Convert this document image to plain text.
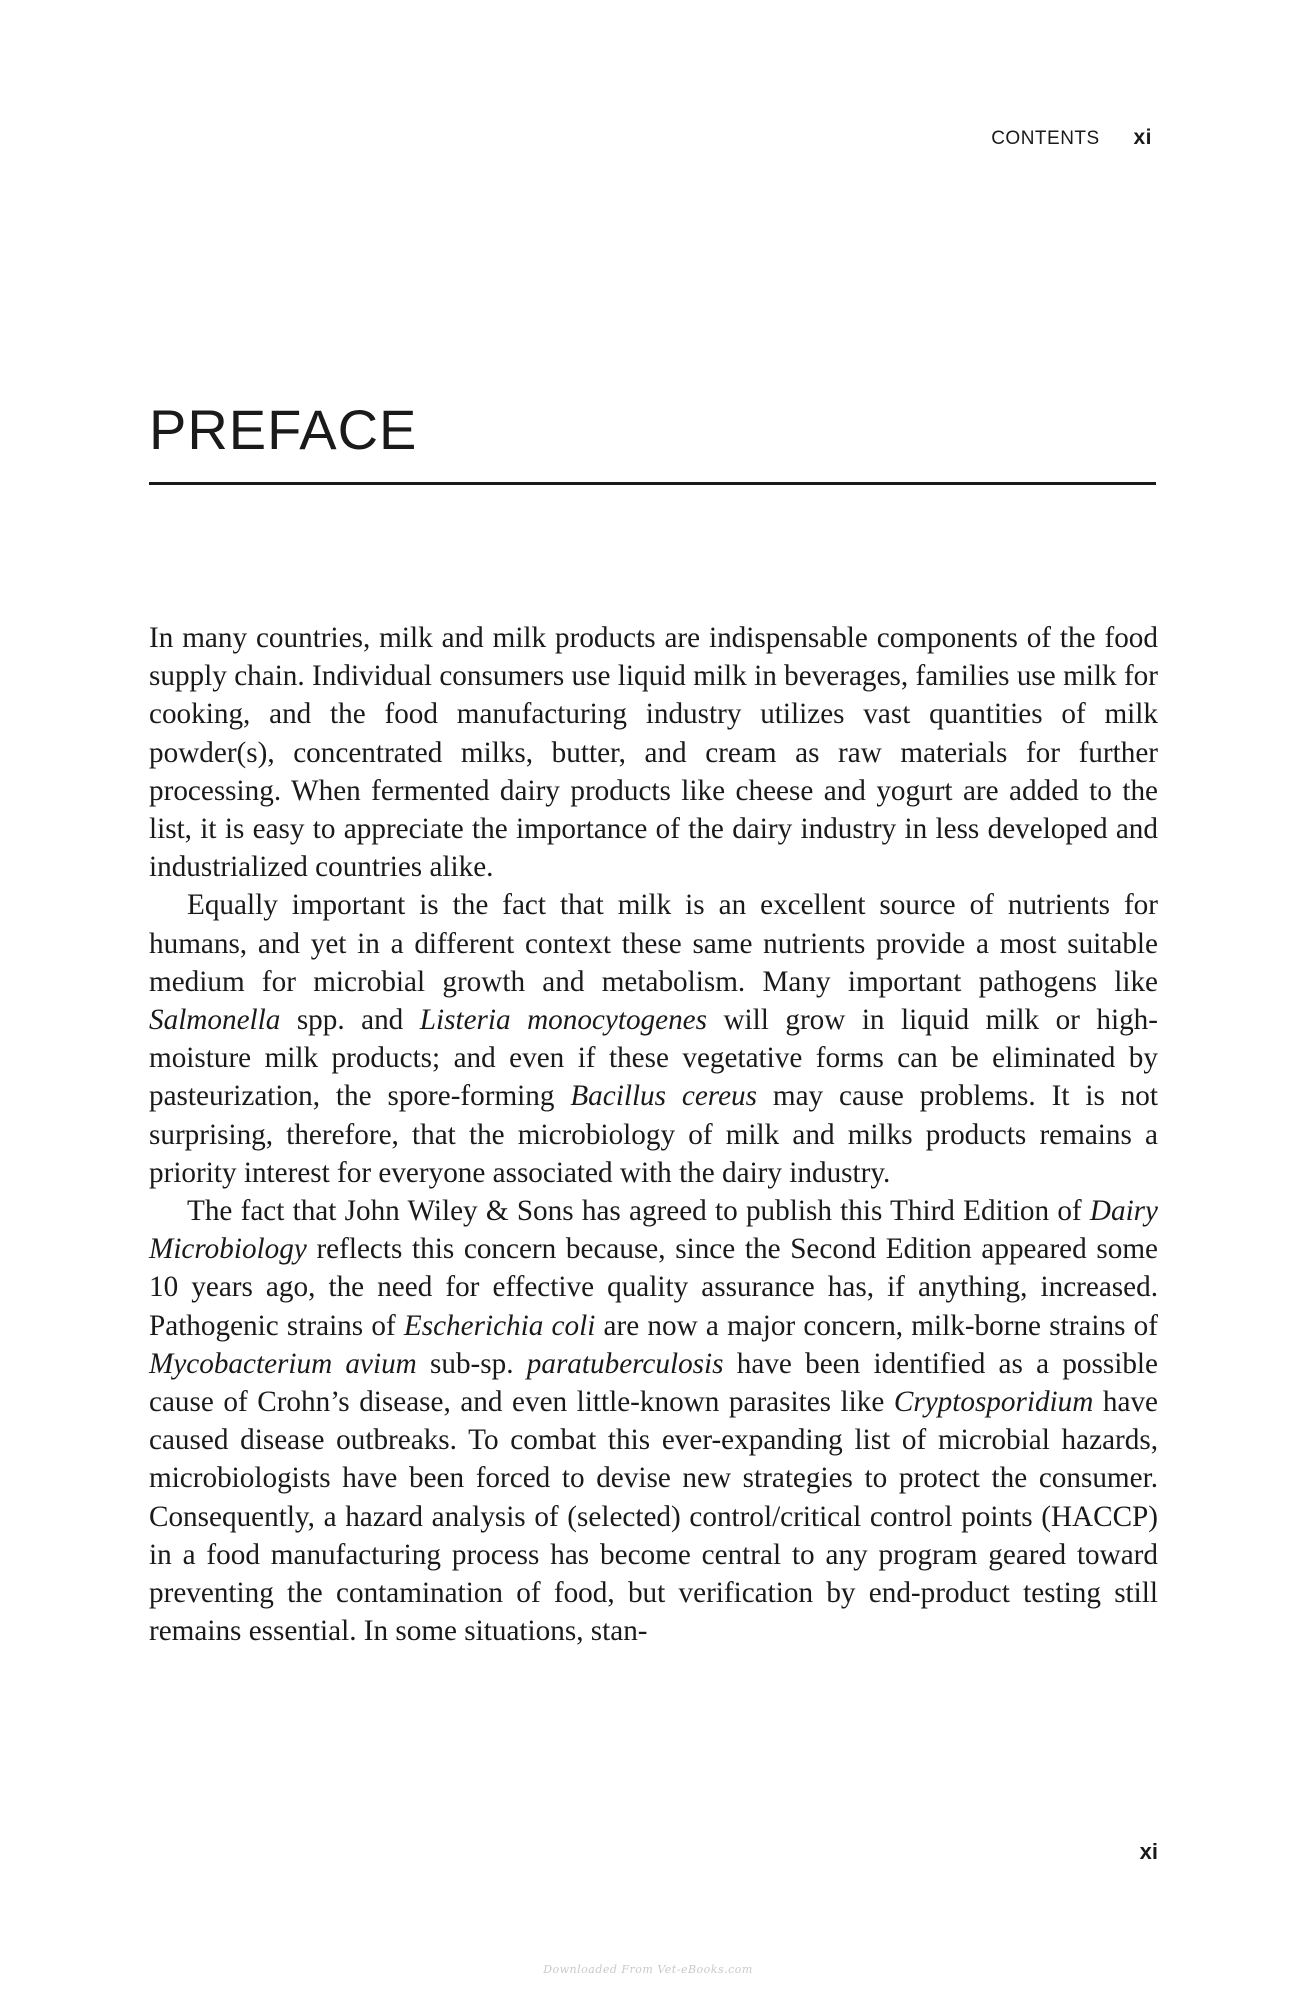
CONTENTS xi
PREFACE

In many countries, milk and milk products are indispensable components of the food supply chain. Individual consumers use liquid milk in beverages, families use milk for cooking, and the food manufacturing industry utilizes vast quantities of milk powder(s), concentrated milks, butter, and cream as raw materials for further processing. When fermented dairy products like cheese and yogurt are added to the list, it is easy to appreciate the importance of the dairy industry in less developed and industrialized countries alike.

Equally important is the fact that milk is an excellent source of nutrients for humans, and yet in a different context these same nutrients provide a most suitable medium for microbial growth and metabolism. Many important pathogens like Salmonella spp. and Listeria monocytogenes will grow in liquid milk or high-moisture milk products; and even if these vegetative forms can be eliminated by pasteurization, the spore-forming Bacillus cereus may cause problems. It is not surprising, therefore, that the microbiology of milk and milks products remains a priority interest for everyone associated with the dairy industry.

The fact that John Wiley & Sons has agreed to publish this Third Edition of Dairy Microbiology reflects this concern because, since the Second Edition appeared some 10 years ago, the need for effective quality assurance has, if anything, increased. Pathogenic strains of Escherichia coli are now a major concern, milk-borne strains of Mycobacterium avium sub-sp. paratuberculosis have been identified as a possible cause of Crohn’s disease, and even little-known parasites like Cryptosporidium have caused disease outbreaks. To combat this ever-expanding list of microbial hazards, microbiologists have been forced to devise new strategies to protect the consumer. Consequently, a hazard analysis of (selected) control/critical control points (HACCP) in a food manufacturing process has become central to any program geared toward preventing the contamination of food, but verification by end-product testing still remains essential. In some situations, stan-

xi
Downloaded From Vet-eBooks.com
